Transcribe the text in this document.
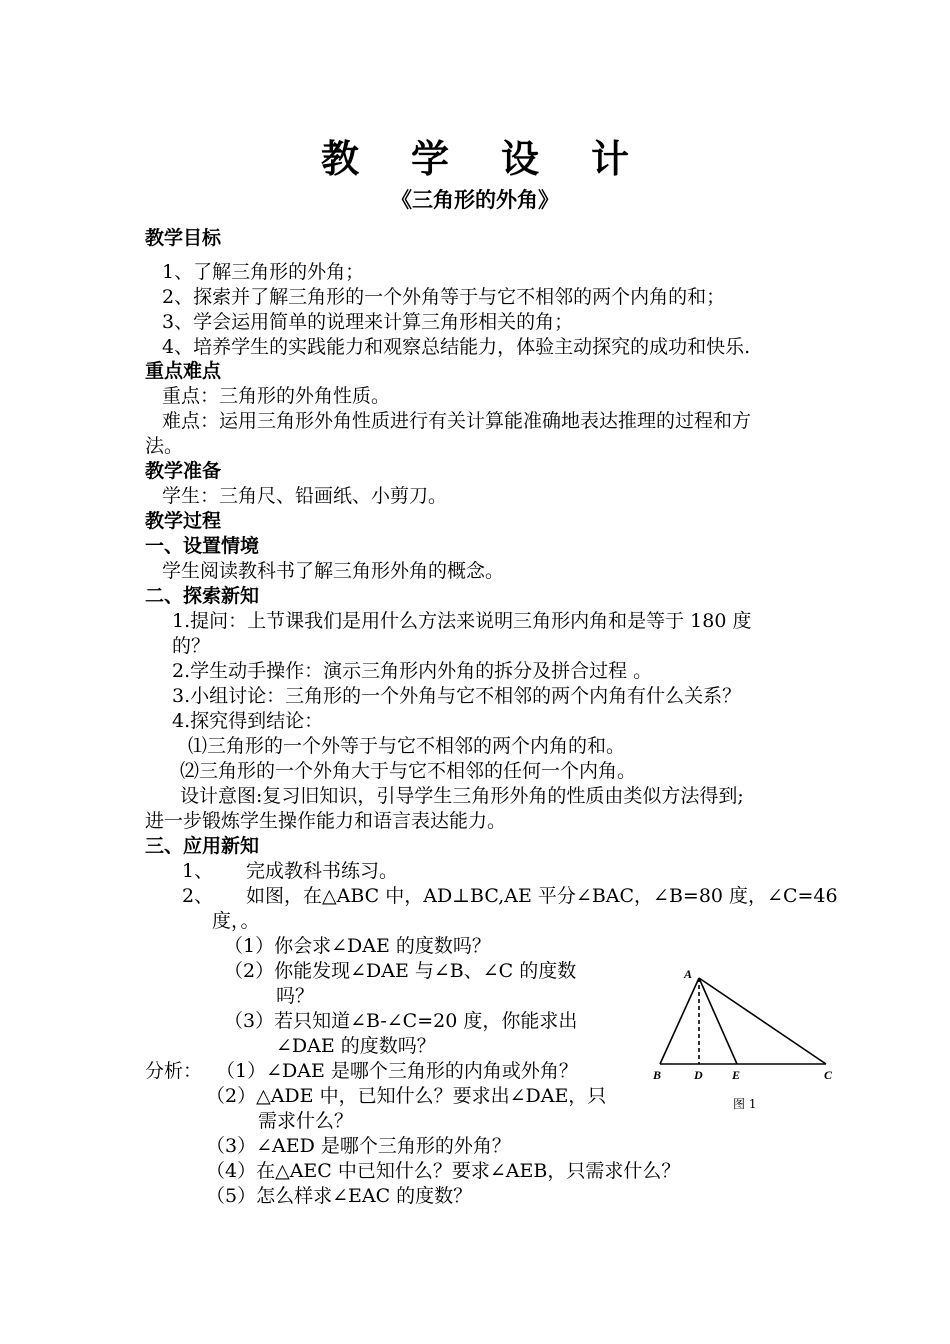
教学设计
《三角形的外角》
教学目标
1、了解三角形的外角；
2、探索并了解三角形的一个外角等于与它不相邻的两个内角的和；
3、学会运用简单的说理来计算三角形相关的角；
4、培养学生的实践能力和观察总结能力，体验主动探究的成功和快乐.
重点难点
重点：三角形的外角性质。
难点：运用三角形外角性质进行有关计算能准确地表达推理的过程和方
法。
教学准备
学生：三角尺、铅画纸、小剪刀。
教学过程
一、设置情境
学生阅读教科书了解三角形外角的概念。
二、探索新知
1.提问：上节课我们是用什么方法来说明三角形内角和是等于 180 度
的？
2.学生动手操作：演示三角形内外角的拆分及拼合过程 。
3.小组讨论：三角形的一个外角与它不相邻的两个内角有什么关系？
4.探究得到结论：
⑴三角形的一个外等于与它不相邻的两个内角的和。
⑵三角形的一个外角大于与它不相邻的任何一个内角。
设计意图:复习旧知识，引导学生三角形外角的性质由类似方法得到;
进一步锻炼学生操作能力和语言表达能力。
三、应用新知
1、 完成教科书练习。
2、 如图，在△ABC 中，AD⊥BC,AE 平分∠BAC，∠B=80 度，∠C=46
度，。
（1）你会求∠DAE 的度数吗？
（2）你能发现∠DAE 与∠B、∠C 的度数
吗？
（3）若只知道∠B-∠C=20 度，你能求出
∠DAE 的度数吗？
分析： （1）∠DAE 是哪个三角形的内角或外角？
（2）△ADE 中，已知什么？要求出∠DAE，只
需求什么？
（3）∠AED 是哪个三角形的外角？
（4）在△AEC 中已知什么？要求∠AEB，只需求什么？
（5）怎么样求∠EAC 的度数？
A
B	D E	C
图 1
